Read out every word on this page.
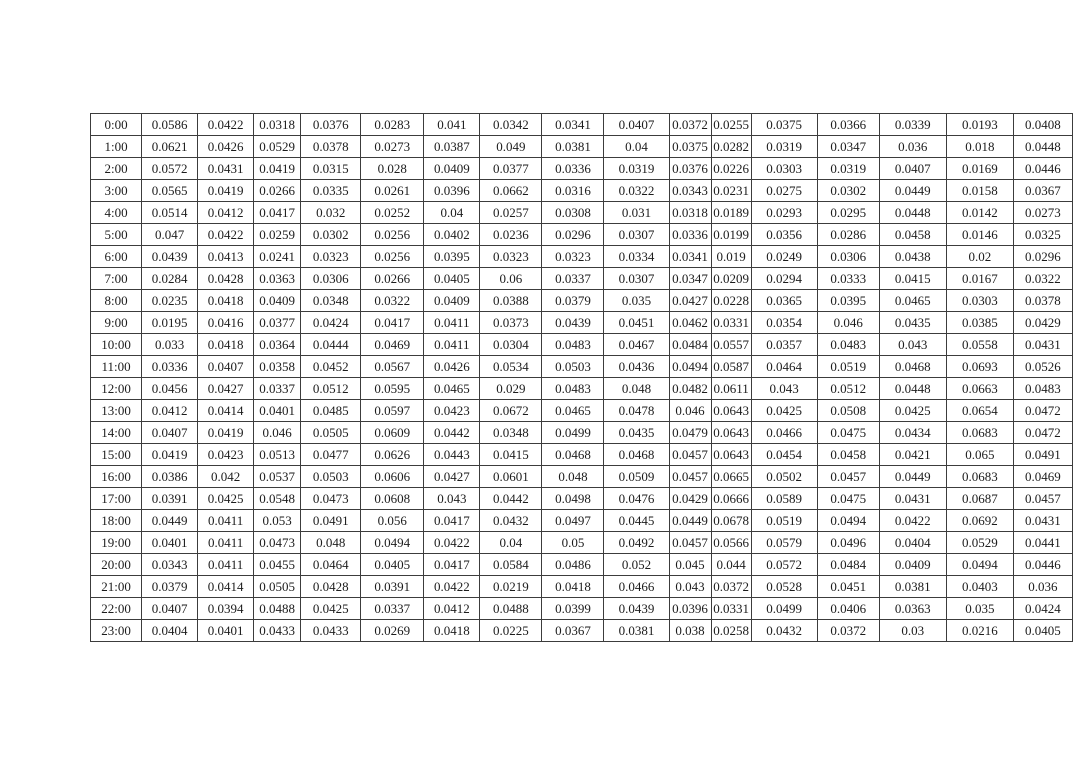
0:00	0.0586	0.0422	0.0318	0.0376	0.0283	0.041	0.0342	0.0341	0.0407	0.0372	0.0255	0.0375	0.0366	0.0339	0.0193	0.0408
1:00	0.0621	0.0426	0.0529	0.0378	0.0273	0.0387	0.049	0.0381	0.04	0.0375	0.0282	0.0319	0.0347	0.036	0.018	0.0448
2:00	0.0572	0.0431	0.0419	0.0315	0.028	0.0409	0.0377	0.0336	0.0319	0.0376	0.0226	0.0303	0.0319	0.0407	0.0169	0.0446
3:00	0.0565	0.0419	0.0266	0.0335	0.0261	0.0396	0.0662	0.0316	0.0322	0.0343	0.0231	0.0275	0.0302	0.0449	0.0158	0.0367
4:00	0.0514	0.0412	0.0417	0.032	0.0252	0.04	0.0257	0.0308	0.031	0.0318	0.0189	0.0293	0.0295	0.0448	0.0142	0.0273
5:00	0.047	0.0422	0.0259	0.0302	0.0256	0.0402	0.0236	0.0296	0.0307	0.0336	0.0199	0.0356	0.0286	0.0458	0.0146	0.0325
6:00	0.0439	0.0413	0.0241	0.0323	0.0256	0.0395	0.0323	0.0323	0.0334	0.0341	0.019	0.0249	0.0306	0.0438	0.02	0.0296
7:00	0.0284	0.0428	0.0363	0.0306	0.0266	0.0405	0.06	0.0337	0.0307	0.0347	0.0209	0.0294	0.0333	0.0415	0.0167	0.0322
8:00	0.0235	0.0418	0.0409	0.0348	0.0322	0.0409	0.0388	0.0379	0.035	0.0427	0.0228	0.0365	0.0395	0.0465	0.0303	0.0378
9:00	0.0195	0.0416	0.0377	0.0424	0.0417	0.0411	0.0373	0.0439	0.0451	0.0462	0.0331	0.0354	0.046	0.0435	0.0385	0.0429
10:00	0.033	0.0418	0.0364	0.0444	0.0469	0.0411	0.0304	0.0483	0.0467	0.0484	0.0557	0.0357	0.0483	0.043	0.0558	0.0431
11:00	0.0336	0.0407	0.0358	0.0452	0.0567	0.0426	0.0534	0.0503	0.0436	0.0494	0.0587	0.0464	0.0519	0.0468	0.0693	0.0526
12:00	0.0456	0.0427	0.0337	0.0512	0.0595	0.0465	0.029	0.0483	0.048	0.0482	0.0611	0.043	0.0512	0.0448	0.0663	0.0483
13:00	0.0412	0.0414	0.0401	0.0485	0.0597	0.0423	0.0672	0.0465	0.0478	0.046	0.0643	0.0425	0.0508	0.0425	0.0654	0.0472
14:00	0.0407	0.0419	0.046	0.0505	0.0609	0.0442	0.0348	0.0499	0.0435	0.0479	0.0643	0.0466	0.0475	0.0434	0.0683	0.0472
15:00	0.0419	0.0423	0.0513	0.0477	0.0626	0.0443	0.0415	0.0468	0.0468	0.0457	0.0643	0.0454	0.0458	0.0421	0.065	0.0491
16:00	0.0386	0.042	0.0537	0.0503	0.0606	0.0427	0.0601	0.048	0.0509	0.0457	0.0665	0.0502	0.0457	0.0449	0.0683	0.0469
17:00	0.0391	0.0425	0.0548	0.0473	0.0608	0.043	0.0442	0.0498	0.0476	0.0429	0.0666	0.0589	0.0475	0.0431	0.0687	0.0457
18:00	0.0449	0.0411	0.053	0.0491	0.056	0.0417	0.0432	0.0497	0.0445	0.0449	0.0678	0.0519	0.0494	0.0422	0.0692	0.0431
19:00	0.0401	0.0411	0.0473	0.048	0.0494	0.0422	0.04	0.05	0.0492	0.0457	0.0566	0.0579	0.0496	0.0404	0.0529	0.0441
20:00	0.0343	0.0411	0.0455	0.0464	0.0405	0.0417	0.0584	0.0486	0.052	0.045	0.044	0.0572	0.0484	0.0409	0.0494	0.0446
21:00	0.0379	0.0414	0.0505	0.0428	0.0391	0.0422	0.0219	0.0418	0.0466	0.043	0.0372	0.0528	0.0451	0.0381	0.0403	0.036
22:00	0.0407	0.0394	0.0488	0.0425	0.0337	0.0412	0.0488	0.0399	0.0439	0.0396	0.0331	0.0499	0.0406	0.0363	0.035	0.0424
23:00	0.0404	0.0401	0.0433	0.0433	0.0269	0.0418	0.0225	0.0367	0.0381	0.038	0.0258	0.0432	0.0372	0.03	0.0216	0.0405
